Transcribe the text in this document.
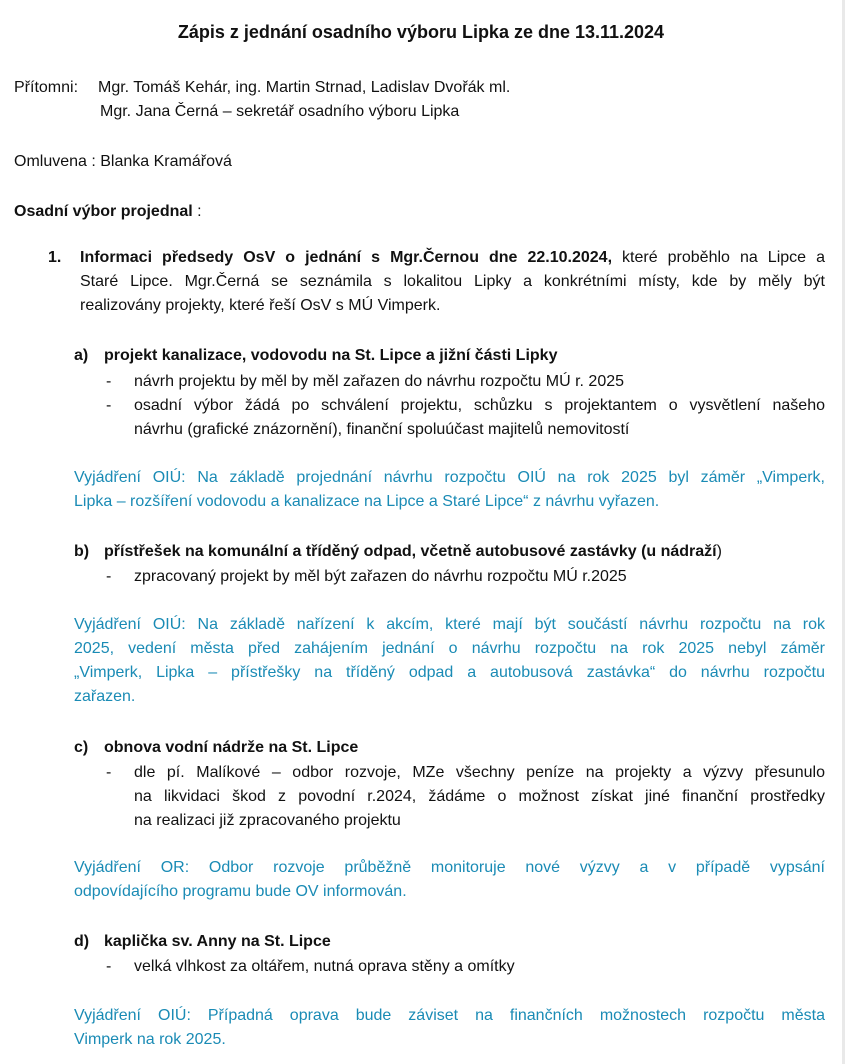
Zápis z jednání osadního výboru Lipka ze dne 13.11.2024
Přítomni: Mgr. Tomáš Kehár, ing. Martin Strnad, Ladislav Dvořák ml.
Mgr. Jana Černá – sekretář osadního výboru Lipka
Omluvena : Blanka Kramářová
Osadní výbor projednal :
1. Informaci předsedy OsV o jednání s Mgr.Černou dne 22.10.2024, které proběhlo na Lipce a
Staré Lipce. Mgr.Černá se seznámila s lokalitou Lipky a konkrétními místy, kde by měly být
realizovány projekty, které řeší OsV s MÚ Vimperk.
a) projekt kanalizace, vodovodu na St. Lipce a jižní části Lipky
- návrh projektu by měl by měl zařazen do návrhu rozpočtu MÚ r. 2025
- osadní výbor žádá po schválení projektu, schůzku s projektantem o vysvětlení našeho
návrhu (grafické znázornění), finanční spoluúčast majitelů nemovitostí
Vyjádření OIÚ: Na základě projednání návrhu rozpočtu OIÚ na rok 2025 byl záměr „Vimperk,
Lipka – rozšíření vodovodu a kanalizace na Lipce a Staré Lipce“ z návrhu vyřazen.
b) přístřešek na komunální a tříděný odpad, včetně autobusové zastávky (u nádraží)
- zpracovaný projekt by měl být zařazen do návrhu rozpočtu MÚ r.2025
Vyjádření OIÚ: Na základě nařízení k akcím, které mají být součástí návrhu rozpočtu na rok
2025, vedení města před zahájením jednání o návrhu rozpočtu na rok 2025 nebyl záměr
„Vimperk, Lipka – přístřešky na tříděný odpad a autobusová zastávka“ do návrhu rozpočtu
zařazen.
c) obnova vodní nádrže na St. Lipce
- dle pí. Malíkové – odbor rozvoje, MZe všechny peníze na projekty a výzvy přesunulo
na likvidaci škod z povodní r.2024, žádáme o možnost získat jiné finanční prostředky
na realizaci již zpracovaného projektu
Vyjádření OR: Odbor rozvoje průběžně monitoruje nové výzvy a v případě vypsání
odpovídajícího programu bude OV informován.
d) kaplička sv. Anny na St. Lipce
- velká vlhkost za oltářem, nutná oprava stěny a omítky
Vyjádření OIÚ: Případná oprava bude záviset na finančních možnostech rozpočtu města
Vimperk na rok 2025.
